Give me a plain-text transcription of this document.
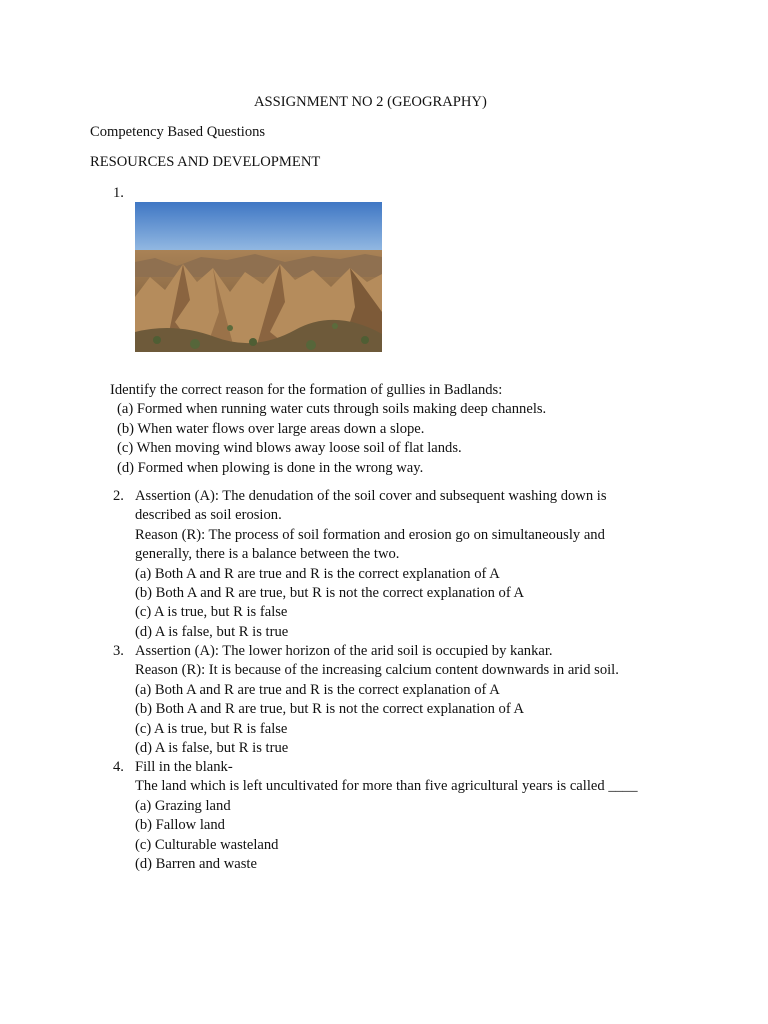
ASSIGNMENT NO 2 (GEOGRAPHY)
Competency Based Questions
RESOURCES AND DEVELOPMENT
1.
Identify the correct reason for the formation of gullies in Badlands:
(a) Formed when running water cuts through soils making deep channels.
(b) When water flows over large areas down a slope.
(c) When moving wind blows away loose soil of flat lands.
(d) Formed when plowing is done in the wrong way.
2. Assertion (A): The denudation of the soil cover and subsequent washing down is
described as soil erosion.
Reason (R): The process of soil formation and erosion go on simultaneously and
generally, there is a balance between the two.
(a) Both A and R are true and R is the correct explanation of A
(b) Both A and R are true, but R is not the correct explanation of A
(c) A is true, but R is false
(d) A is false, but R is true
3. Assertion (A): The lower horizon of the arid soil is occupied by kankar.
Reason (R): It is because of the increasing calcium content downwards in arid soil.
(a) Both A and R are true and R is the correct explanation of A
(b) Both A and R are true, but R is not the correct explanation of A
(c) A is true, but R is false
(d) A is false, but R is true
4. Fill in the blank-
The land which is left uncultivated for more than five agricultural years is called ____
(a) Grazing land
(b) Fallow land
(c) Culturable wasteland
(d) Barren and waste
